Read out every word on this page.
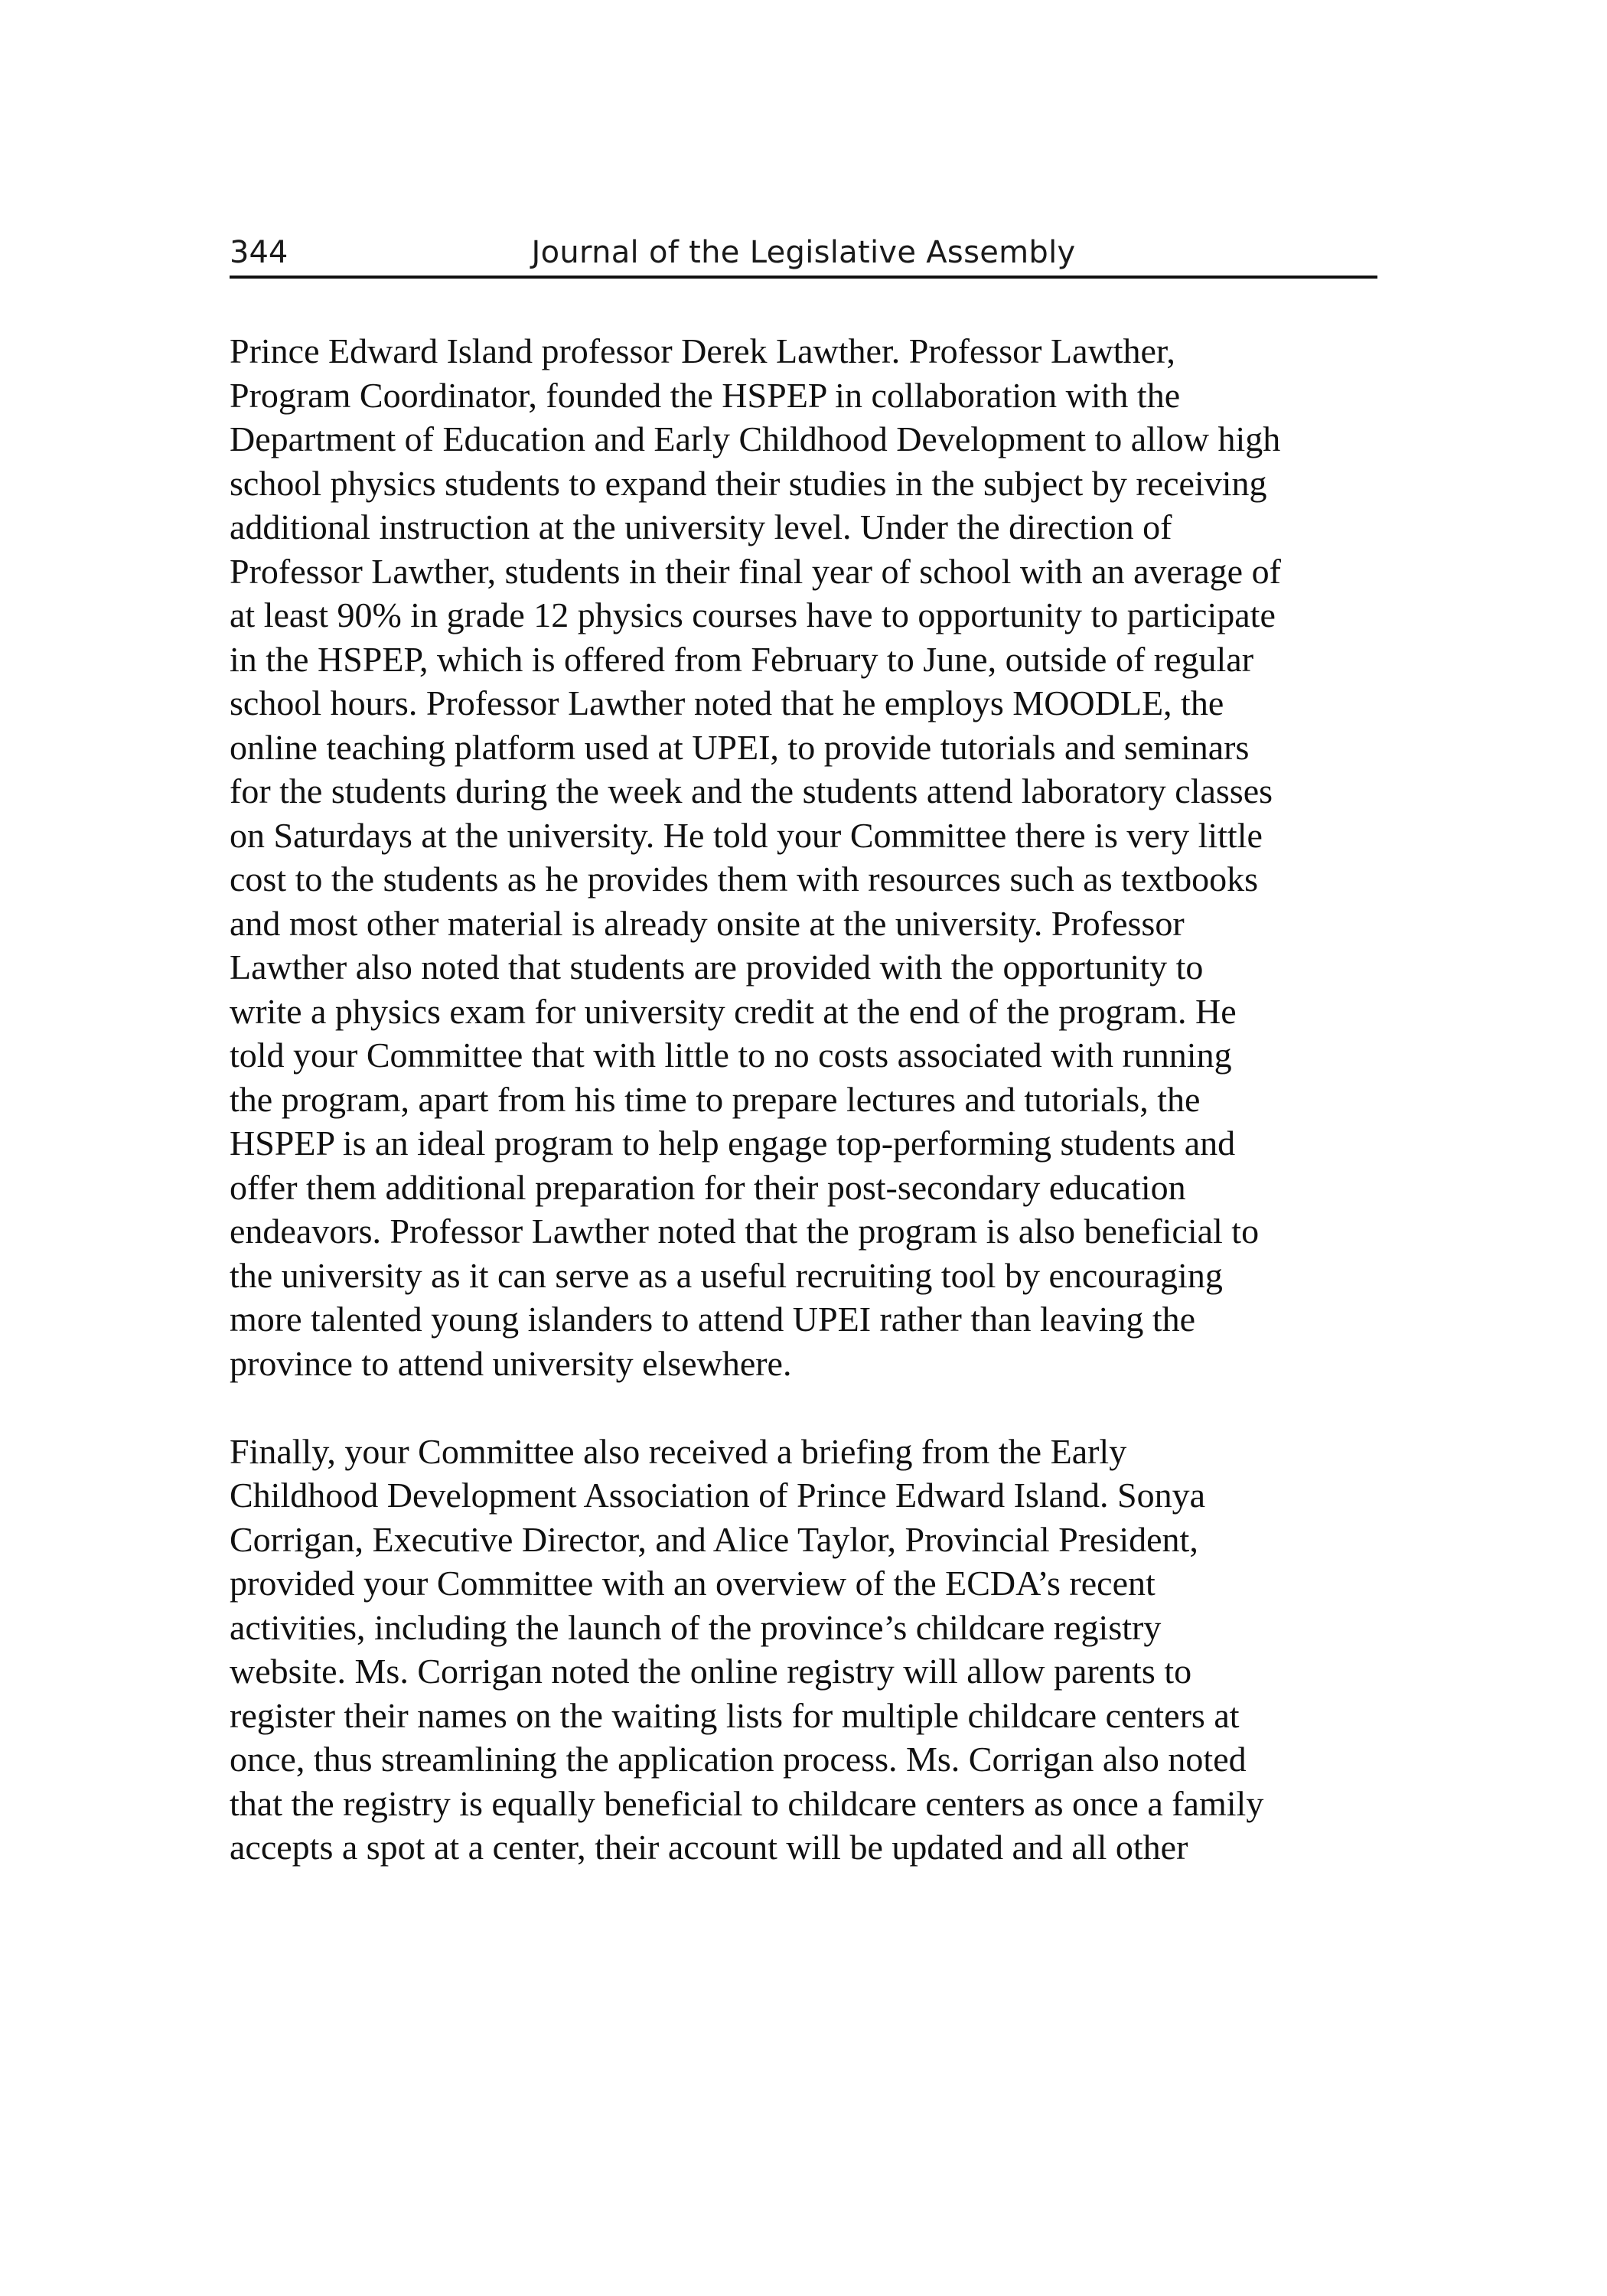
344	Journal of the Legislative Assembly

Prince Edward Island professor Derek Lawther. Professor Lawther,
Program Coordinator, founded the HSPEP in collaboration with the
Department of Education and Early Childhood Development to allow high
school physics students to expand their studies in the subject by receiving
additional instruction at the university level. Under the direction of
Professor Lawther, students in their final year of school with an average of
at least 90% in grade 12 physics courses have to opportunity to participate
in the HSPEP, which is offered from February to June, outside of regular
school hours. Professor Lawther noted that he employs MOODLE, the
online teaching platform used at UPEI, to provide tutorials and seminars
for the students during the week and the students attend laboratory classes
on Saturdays at the university. He told your Committee there is very little
cost to the students as he provides them with resources such as textbooks
and most other material is already onsite at the university. Professor
Lawther also noted that students are provided with the opportunity to
write a physics exam for university credit at the end of the program. He
told your Committee that with little to no costs associated with running
the program, apart from his time to prepare lectures and tutorials, the
HSPEP is an ideal program to help engage top-performing students and
offer them additional preparation for their post-secondary education
endeavors. Professor Lawther noted that the program is also beneficial to
the university as it can serve as a useful recruiting tool by encouraging
more talented young islanders to attend UPEI rather than leaving the
province to attend university elsewhere.

Finally, your Committee also received a briefing from the Early
Childhood Development Association of Prince Edward Island. Sonya
Corrigan, Executive Director, and Alice Taylor, Provincial President,
provided your Committee with an overview of the ECDA’s recent
activities, including the launch of the province’s childcare registry
website. Ms. Corrigan noted the online registry will allow parents to
register their names on the waiting lists for multiple childcare centers at
once, thus streamlining the application process. Ms. Corrigan also noted
that the registry is equally beneficial to childcare centers as once a family
accepts a spot at a center, their account will be updated and all other
